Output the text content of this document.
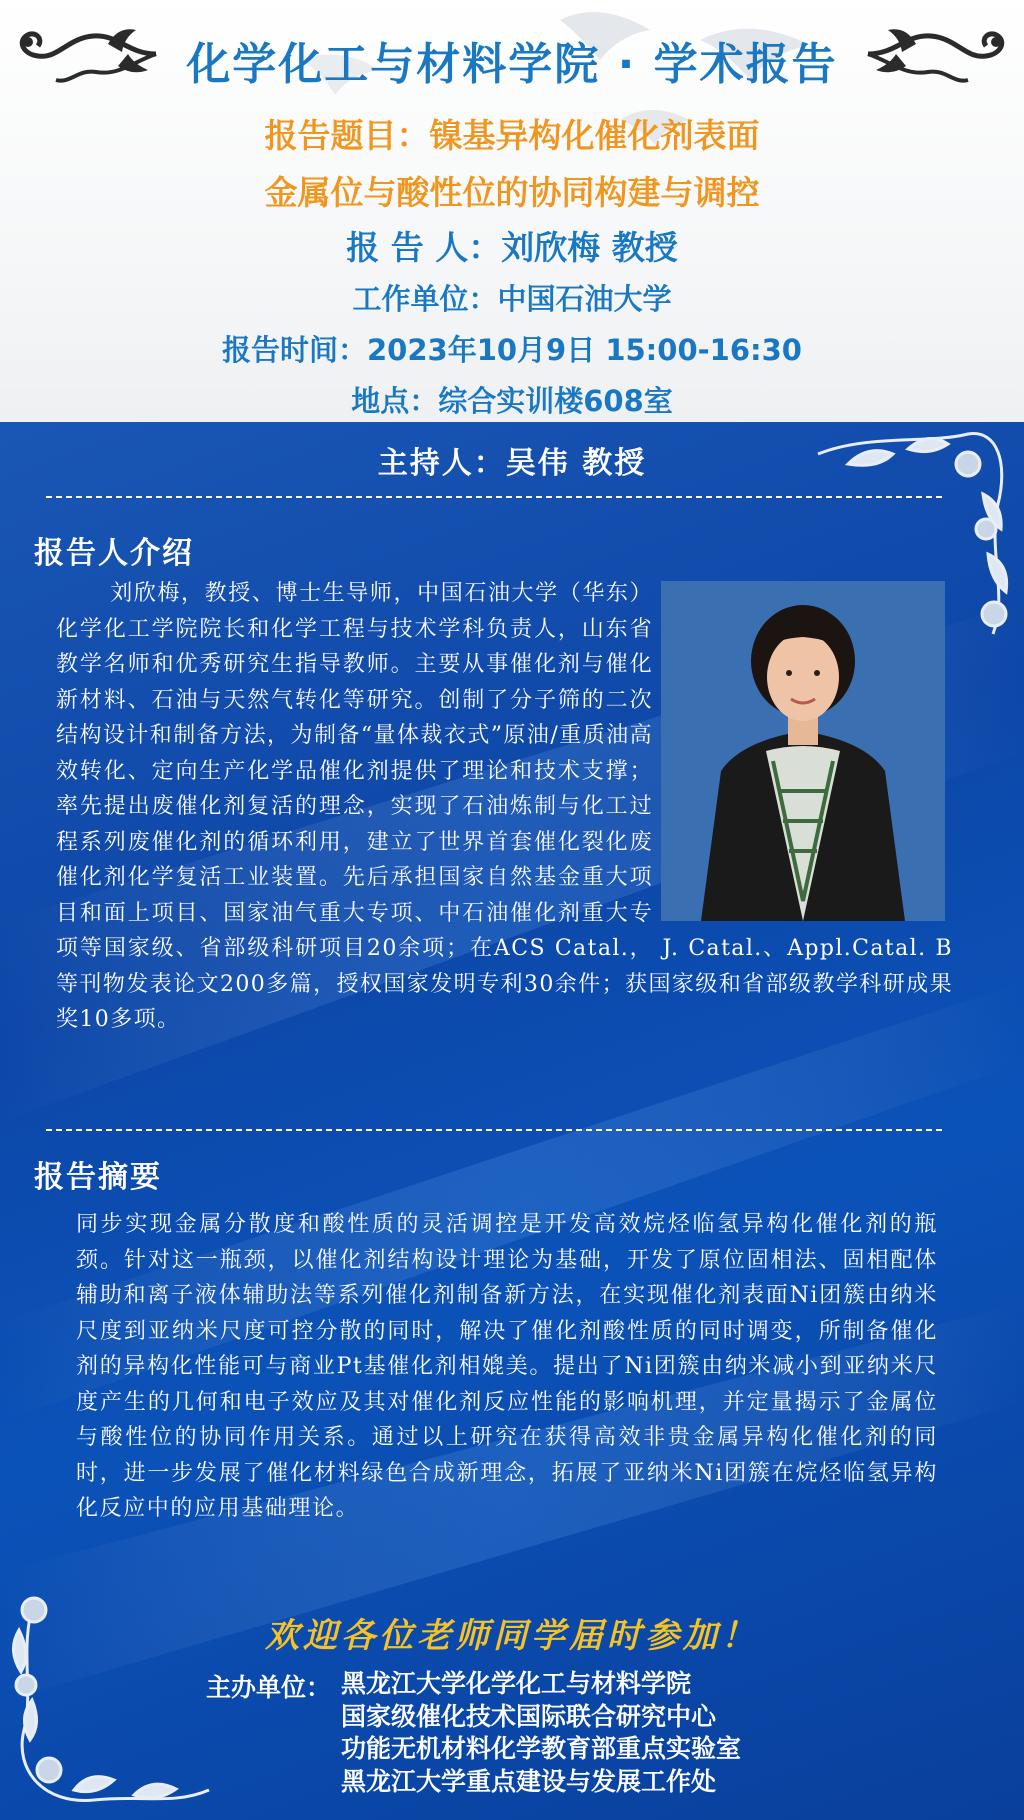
化学化工与材料学院 · 学术报告
报告题目：镍基异构化催化剂表面
金属位与酸性位的协同构建与调控
报 告 人：刘欣梅 教授
工作单位：中国石油大学
报告时间：2023年10月9日 15:00-16:30
地点：综合实训楼608室
主持人：吴伟 教授
报告人介绍
刘欣梅，教授、博士生导师，中国石油大学（华东）化学化工学院院长和化学工程与技术学科负责人，山东省教学名师和优秀研究生指导教师。主要从事催化剂与催化新材料、石油与天然气转化等研究。创制了分子筛的二次结构设计和制备方法，为制备“量体裁衣式”原油/重质油高效转化、定向生产化学品催化剂提供了理论和技术支撑；率先提出废催化剂复活的理念，实现了石油炼制与化工过程系列废催化剂的循环利用，建立了世界首套催化裂化废催化剂化学复活工业装置。先后承担国家自然基金重大项目和面上项目、国家油气重大专项、中石油催化剂重大专项等国家级、省部级科研项目20余项；在ACS Catal.， J. Catal.、Appl.Catal. B等刊物发表论文200多篇，授权国家发明专利30余件；获国家级和省部级教学科研成果奖10多项。
报告摘要
同步实现金属分散度和酸性质的灵活调控是开发高效烷烃临氢异构化催化剂的瓶颈。针对这一瓶颈，以催化剂结构设计理论为基础，开发了原位固相法、固相配体辅助和离子液体辅助法等系列催化剂制备新方法，在实现催化剂表面Ni团簇由纳米尺度到亚纳米尺度可控分散的同时，解决了催化剂酸性质的同时调变，所制备催化剂的异构化性能可与商业Pt基催化剂相媲美。提出了Ni团簇由纳米减小到亚纳米尺度产生的几何和电子效应及其对催化剂反应性能的影响机理，并定量揭示了金属位与酸性位的协同作用关系。通过以上研究在获得高效非贵金属异构化催化剂的同时，进一步发展了催化材料绿色合成新理念，拓展了亚纳米Ni团簇在烷烃临氢异构化反应中的应用基础理论。
欢迎各位老师同学届时参加！
主办单位： 黑龙江大学化学化工与材料学院
国家级催化技术国际联合研究中心
功能无机材料化学教育部重点实验室
黑龙江大学重点建设与发展工作处
